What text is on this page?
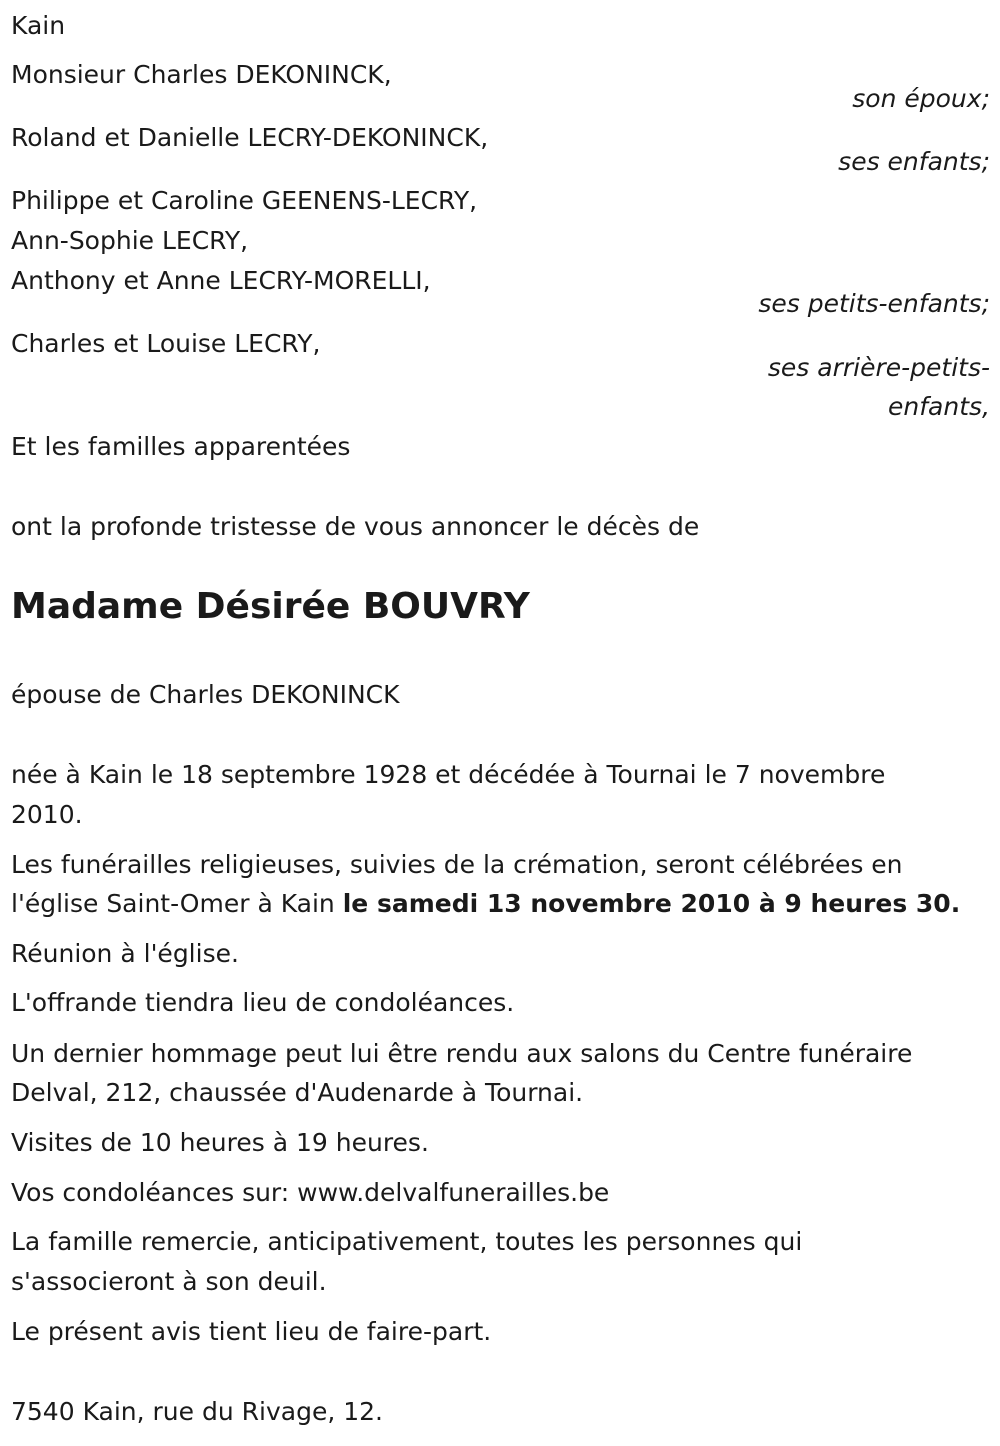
Kain
Monsieur Charles DEKONINCK,
son époux;
Roland et Danielle LECRY-DEKONINCK,
ses enfants;
Philippe et Caroline GEENENS-LECRY,
Ann-Sophie LECRY,
Anthony et Anne LECRY-MORELLI,
ses petits-enfants;
Charles et Louise LECRY,
ses arrière-petits-
enfants,
Et les familles apparentées
ont la profonde tristesse de vous annoncer le décès de
Madame Désirée BOUVRY
épouse de Charles DEKONINCK
née à Kain le 18 septembre 1928 et décédée à Tournai le 7 novembre
2010.
Les funérailles religieuses, suivies de la crémation, seront célébrées en
l'église Saint-Omer à Kain le samedi 13 novembre 2010 à 9 heures 30.
Réunion à l'église.
L'offrande tiendra lieu de condoléances.
Un dernier hommage peut lui être rendu aux salons du Centre funéraire
Delval, 212, chaussée d'Audenarde à Tournai.
Visites de 10 heures à 19 heures.
Vos condoléances sur: www.delvalfunerailles.be
La famille remercie, anticipativement, toutes les personnes qui
s'associeront à son deuil.
Le présent avis tient lieu de faire-part.
7540 Kain, rue du Rivage, 12.
